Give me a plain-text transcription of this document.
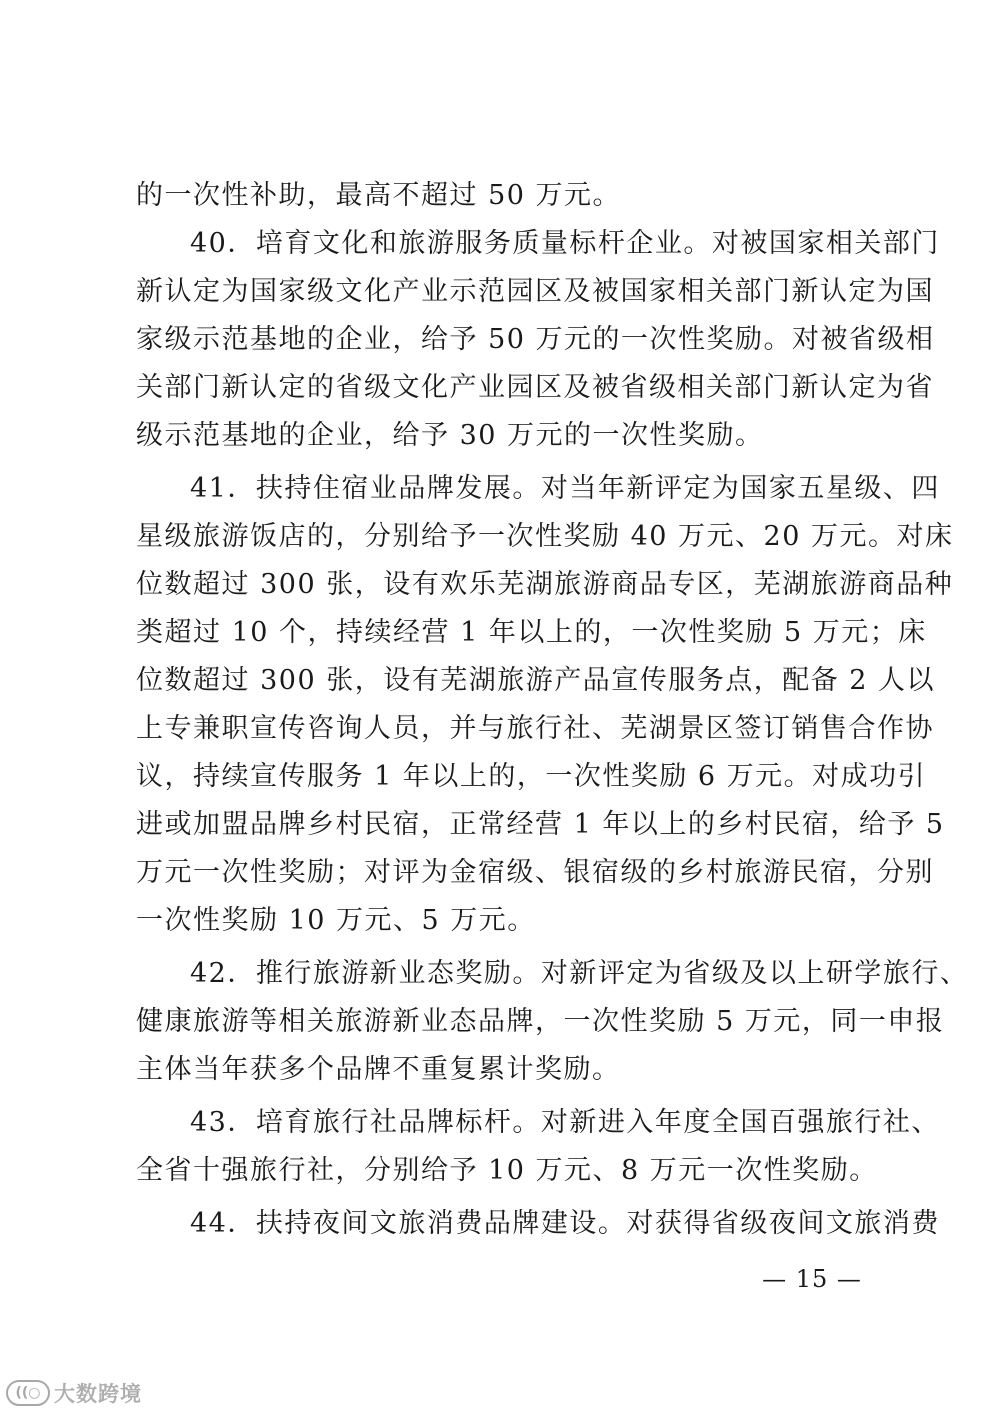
的一次性补助，最高不超过 50 万元。
40．培育文化和旅游服务质量标杆企业。对被国家相关部门
新认定为国家级文化产业示范园区及被国家相关部门新认定为国
家级示范基地的企业，给予 50 万元的一次性奖励。对被省级相
关部门新认定的省级文化产业园区及被省级相关部门新认定为省
级示范基地的企业，给予 30 万元的一次性奖励。
41．扶持住宿业品牌发展。对当年新评定为国家五星级、四
星级旅游饭店的，分别给予一次性奖励 40 万元、20 万元。对床
位数超过 300 张，设有欢乐芜湖旅游商品专区，芜湖旅游商品种
类超过 10 个，持续经营 1 年以上的，一次性奖励 5 万元；床
位数超过 300 张，设有芜湖旅游产品宣传服务点，配备 2 人以
上专兼职宣传咨询人员，并与旅行社、芜湖景区签订销售合作协
议，持续宣传服务 1 年以上的，一次性奖励 6 万元。对成功引
进或加盟品牌乡村民宿，正常经营 1 年以上的乡村民宿，给予 5
万元一次性奖励；对评为金宿级、银宿级的乡村旅游民宿，分别
一次性奖励 10 万元、5 万元。
42．推行旅游新业态奖励。对新评定为省级及以上研学旅行、
健康旅游等相关旅游新业态品牌，一次性奖励 5 万元，同一申报
主体当年获多个品牌不重复累计奖励。
43．培育旅行社品牌标杆。对新进入年度全国百强旅行社、
全省十强旅行社，分别给予 10 万元、8 万元一次性奖励。
44．扶持夜间文旅消费品牌建设。对获得省级夜间文旅消费
— 15 —
((○ 大数跨境
